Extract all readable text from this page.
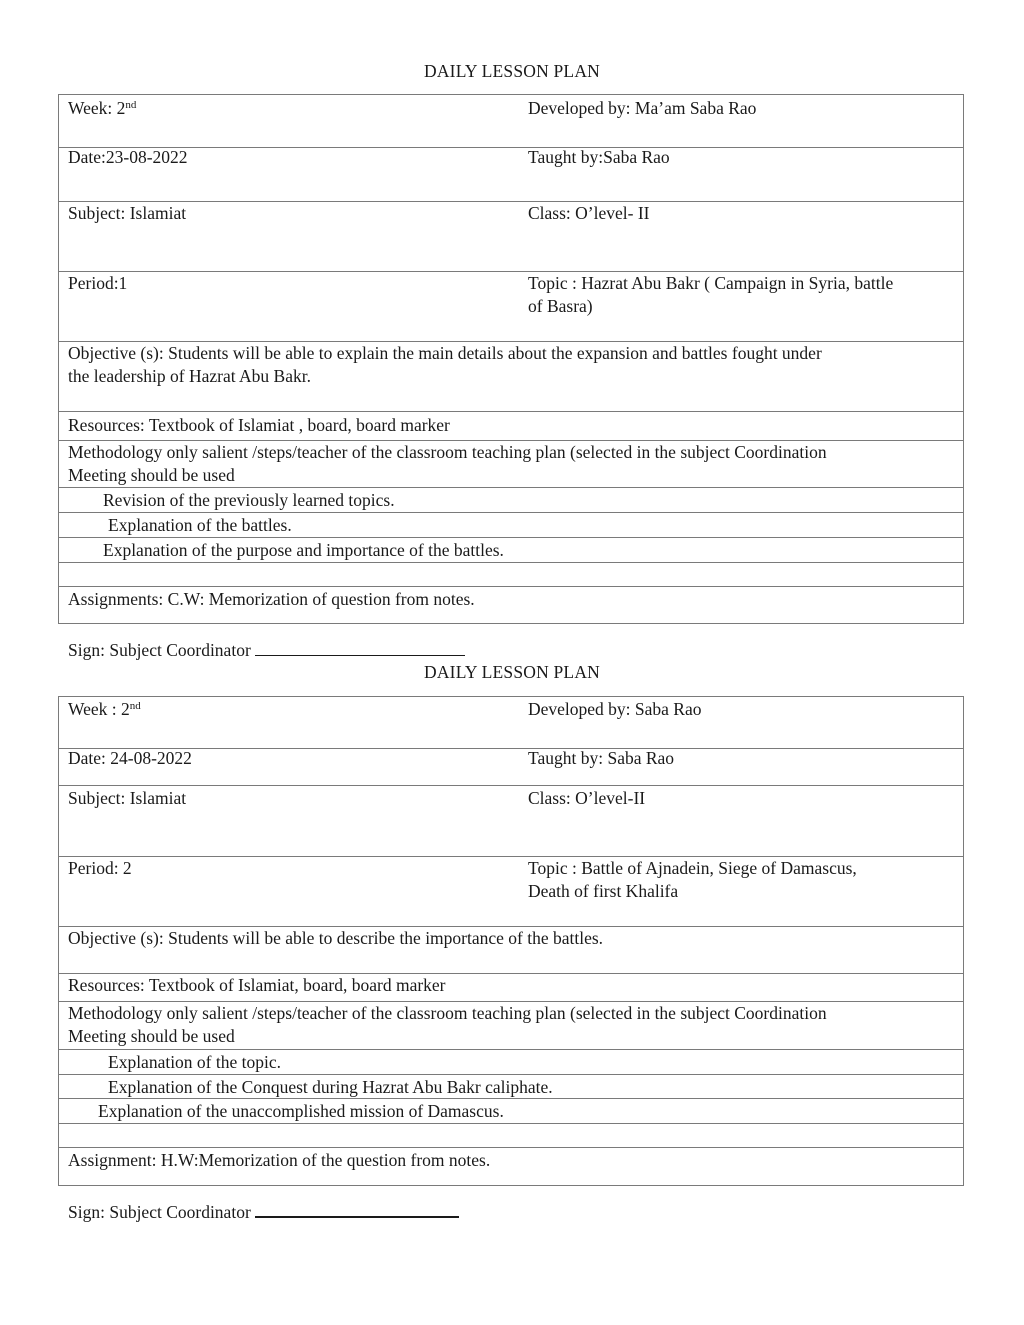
DAILY LESSON PLAN
Week: 2nd	Developed by: Ma’am Saba Rao
Date:23-08-2022	Taught by:Saba Rao
Subject: Islamiat	Class: O’level- II
Period:1	Topic : Hazrat Abu Bakr ( Campaign in Syria, battle
of Basra)
Objective (s): Students will be able to explain the main details about the expansion and battles fought under
the leadership of Hazrat Abu Bakr.
Resources: Textbook of Islamiat , board, board marker
Methodology only salient /steps/teacher of the classroom teaching plan (selected in the subject Coordination
Meeting should be used
Revision of the previously learned topics.
Explanation of the battles.
Explanation of the purpose and importance of the battles.
Assignments: C.W: Memorization of question from notes.
Sign: Subject Coordinator
DAILY LESSON PLAN
Week : 2nd	Developed by: Saba Rao
Date: 24-08-2022	Taught by: Saba Rao
Subject: Islamiat	Class: O’level-II
Period: 2	Topic : Battle of Ajnadein, Siege of Damascus,
Death of first Khalifa
Objective (s): Students will be able to describe the importance of the battles.
Resources: Textbook of Islamiat, board, board marker
Methodology only salient /steps/teacher of the classroom teaching plan (selected in the subject Coordination
Meeting should be used
Explanation of the topic.
Explanation of the Conquest during Hazrat Abu Bakr caliphate.
Explanation of the unaccomplished mission of Damascus.
Assignment: H.W:Memorization of the question from notes.
Sign: Subject Coordinator
